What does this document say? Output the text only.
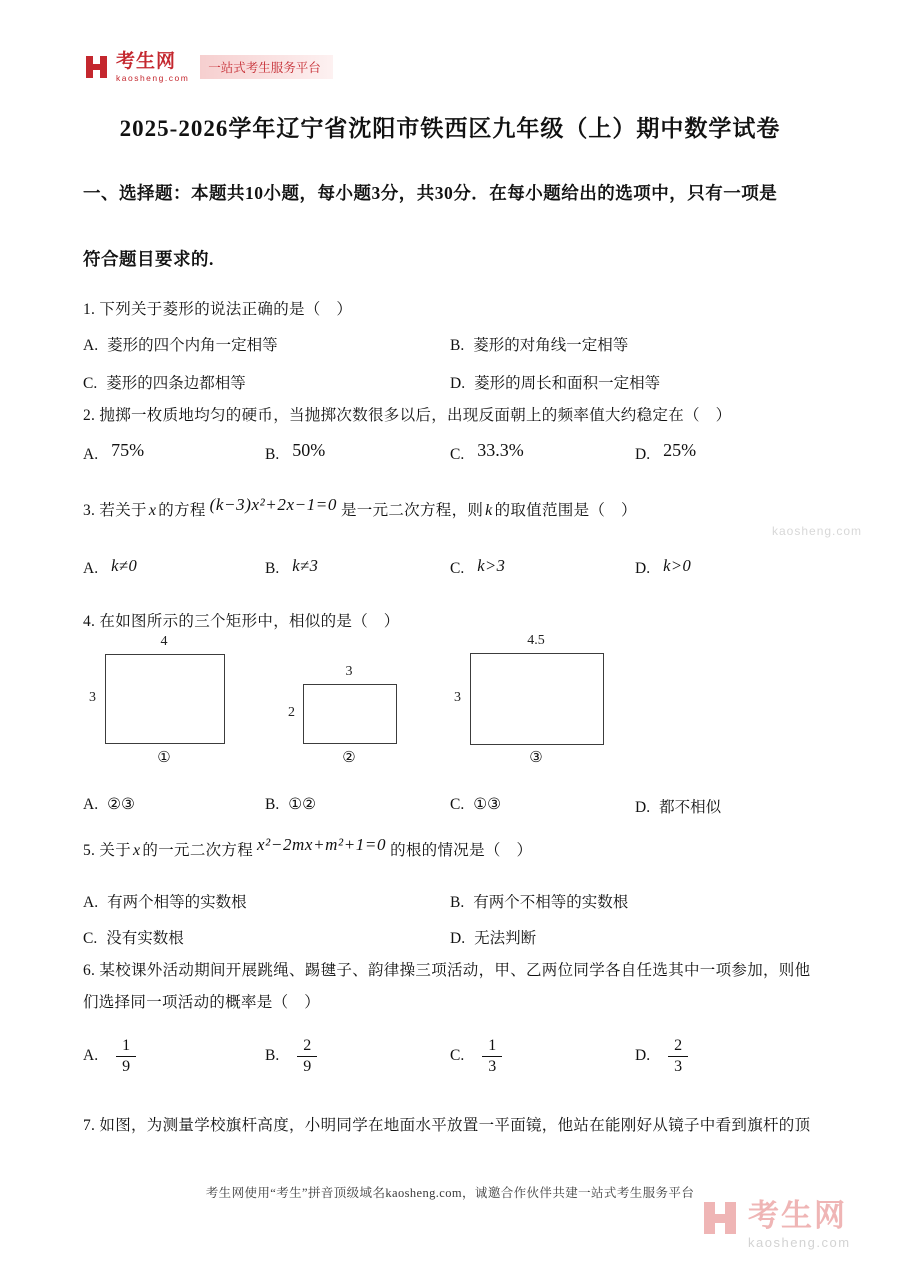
考生网
kaosheng.com
一站式考生服务平台
2025-2026学年辽宁省沈阳市铁西区九年级（上）期中数学试卷
一、选择题：本题共10小题，每小题3分，共30分．在每小题给出的选项中，只有一项是
符合题目要求的.
1. 下列关于菱形的说法正确的是（　）
A. 菱形的四个内角一定相等	B. 菱形的对角线一定相等
C. 菱形的四条边都相等	D. 菱形的周长和面积一定相等
2. 抛掷一枚质地均匀的硬币，当抛掷次数很多以后，出现反面朝上的频率值大约稳定在（　）
A. 75%	B. 50%	C. 33.3%	D. 25%
3. 若关于 x 的方程 (k−3)x²+2x−1=0 是一元二次方程，则 k 的取值范围是（　）
A. k≠0	B. k≠3	C. k>3	D. k>0
4. 在如图所示的三个矩形中，相似的是（　）
4
3
①
3
2
②
4.5
3
③
A. ②③	B. ①②	C. ①③	D. 都不相似
5. 关于 x 的一元二次方程 x²−2mx+m²+1=0 的根的情况是（　）
A. 有两个相等的实数根	B. 有两个不相等的实数根
C. 没有实数根	D. 无法判断
6. 某校课外活动期间开展跳绳、踢毽子、韵律操三项活动，甲、乙两位同学各自任选其中一项参加，则他
们选择同一项活动的概率是（　）
A. $\frac{1}{9}$	B. $\frac{2}{9}$	C. $\frac{1}{3}$	D. $\frac{2}{3}$
7. 如图，为测量学校旗杆高度，小明同学在地面水平放置一平面镜，他站在能刚好从镜子中看到旗杆的顶
kaosheng.com
考生网使用“考生”拼音顶级域名kaosheng.com，诚邀合作伙伴共建一站式考生服务平台
考生网
kaosheng.com
